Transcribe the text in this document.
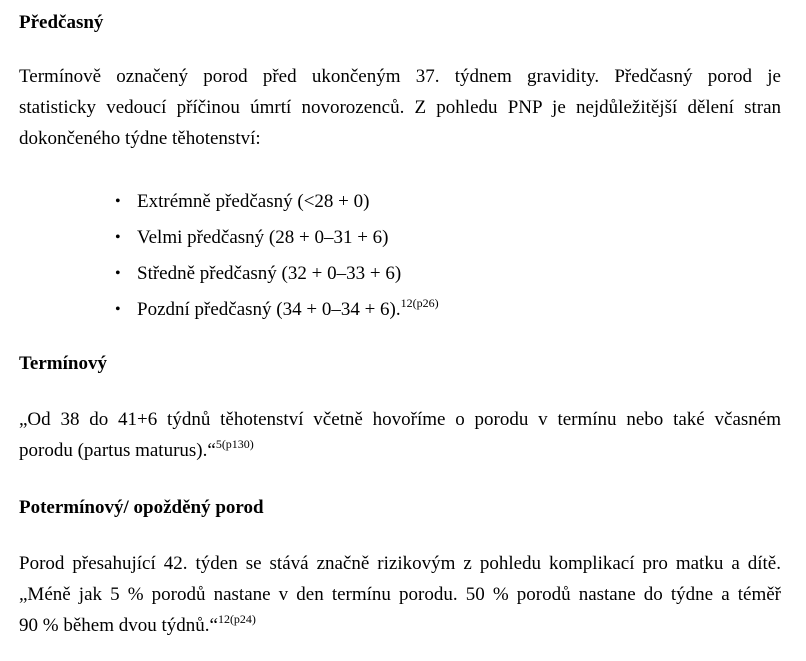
Předčasný
Termínově označený porod před ukončeným 37. týdnem gravidity. Předčasný porod je
statisticky vedoucí příčinou úmrtí novorozenců. Z pohledu PNP je nejdůležitější dělení stran
dokončeného týdne těhotenství:
• Extrémně předčasný (<28 + 0)
• Velmi předčasný (28 + 0–31 + 6)
• Středně předčasný (32 + 0–33 + 6)
• Pozdní předčasný (34 + 0–34 + 6).$^{12(p26)}$
Termínový
„Od 38 do 41+6 týdnů těhotenství včetně hovoříme o porodu v termínu nebo také včasném
porodu (partus maturus).“$^{5(p130)}$
Potermínový/ opožděný porod
Porod přesahující 42. týden se stává značně rizikovým z pohledu komplikací pro matku a dítě.
„Méně jak 5 % porodů nastane v den termínu porodu. 50 % porodů nastane do týdne a téměř
90 % během dvou týdnů.“$^{12(p24)}$
